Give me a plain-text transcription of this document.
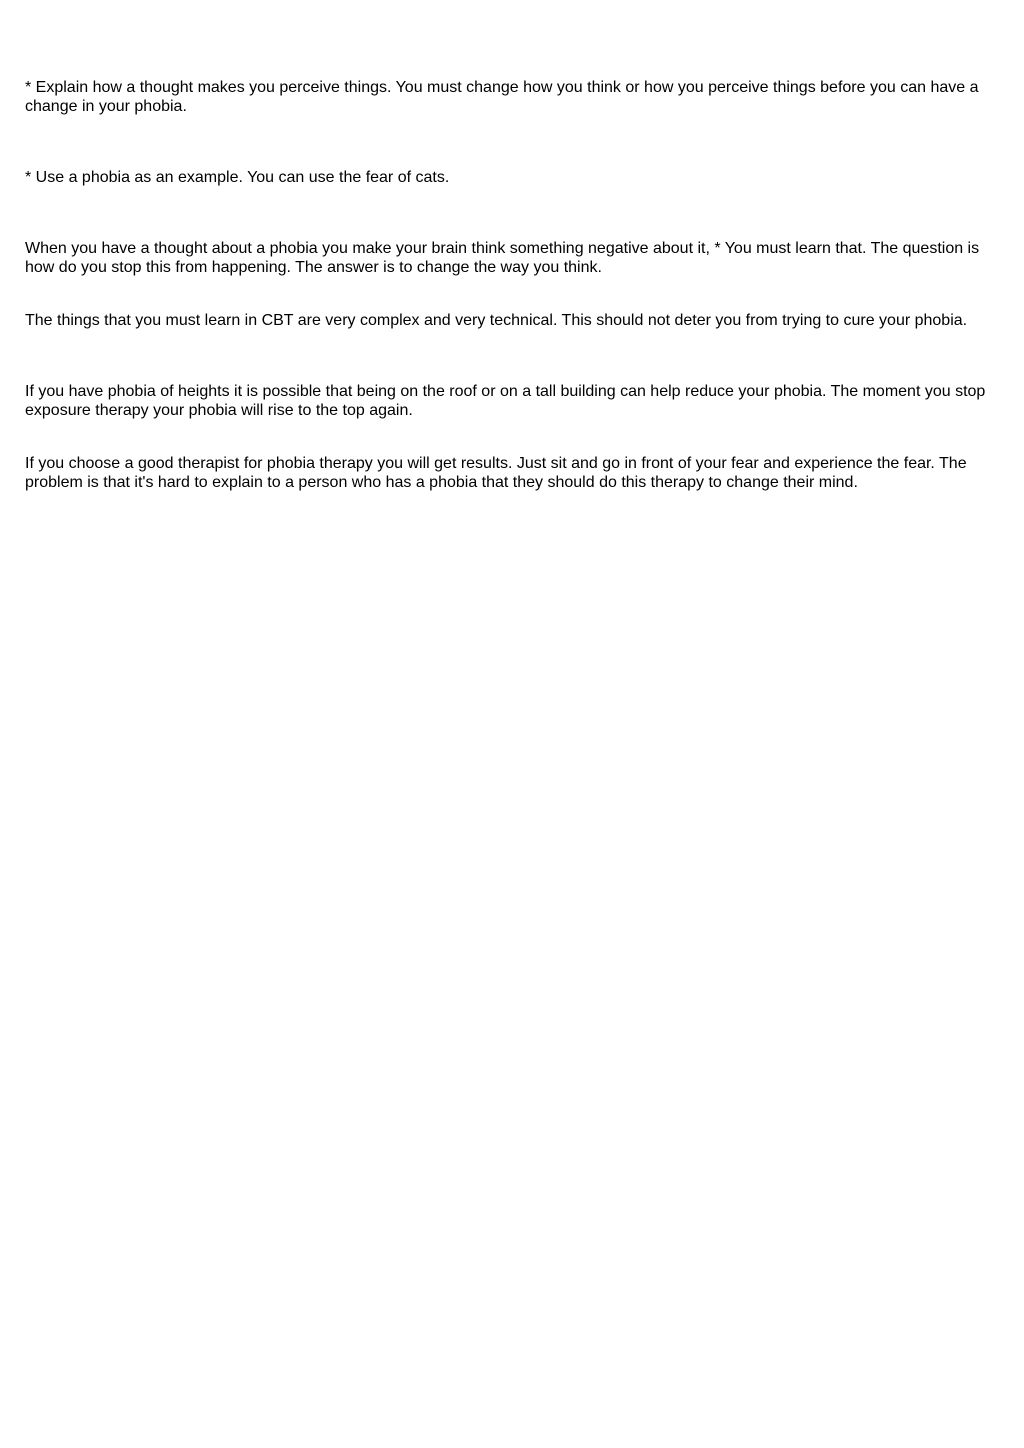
* Explain how a thought makes you perceive things. You must change how you think or how you perceive things before you can have a change in your phobia.

* Use a phobia as an example. You can use the fear of cats.

When you have a thought about a phobia you make your brain think something negative about it, * You must learn that. The question is how do you stop this from happening. The answer is to change the way you think.

The things that you must learn in CBT are very complex and very technical. This should not deter you from trying to cure your phobia.

If you have phobia of heights it is possible that being on the roof or on a tall building can help reduce your phobia. The moment you stop exposure therapy your phobia will rise to the top again.

If you choose a good therapist for phobia therapy you will get results. Just sit and go in front of your fear and experience the fear. The problem is that it's hard to explain to a person who has a phobia that they should do this therapy to change their mind.
